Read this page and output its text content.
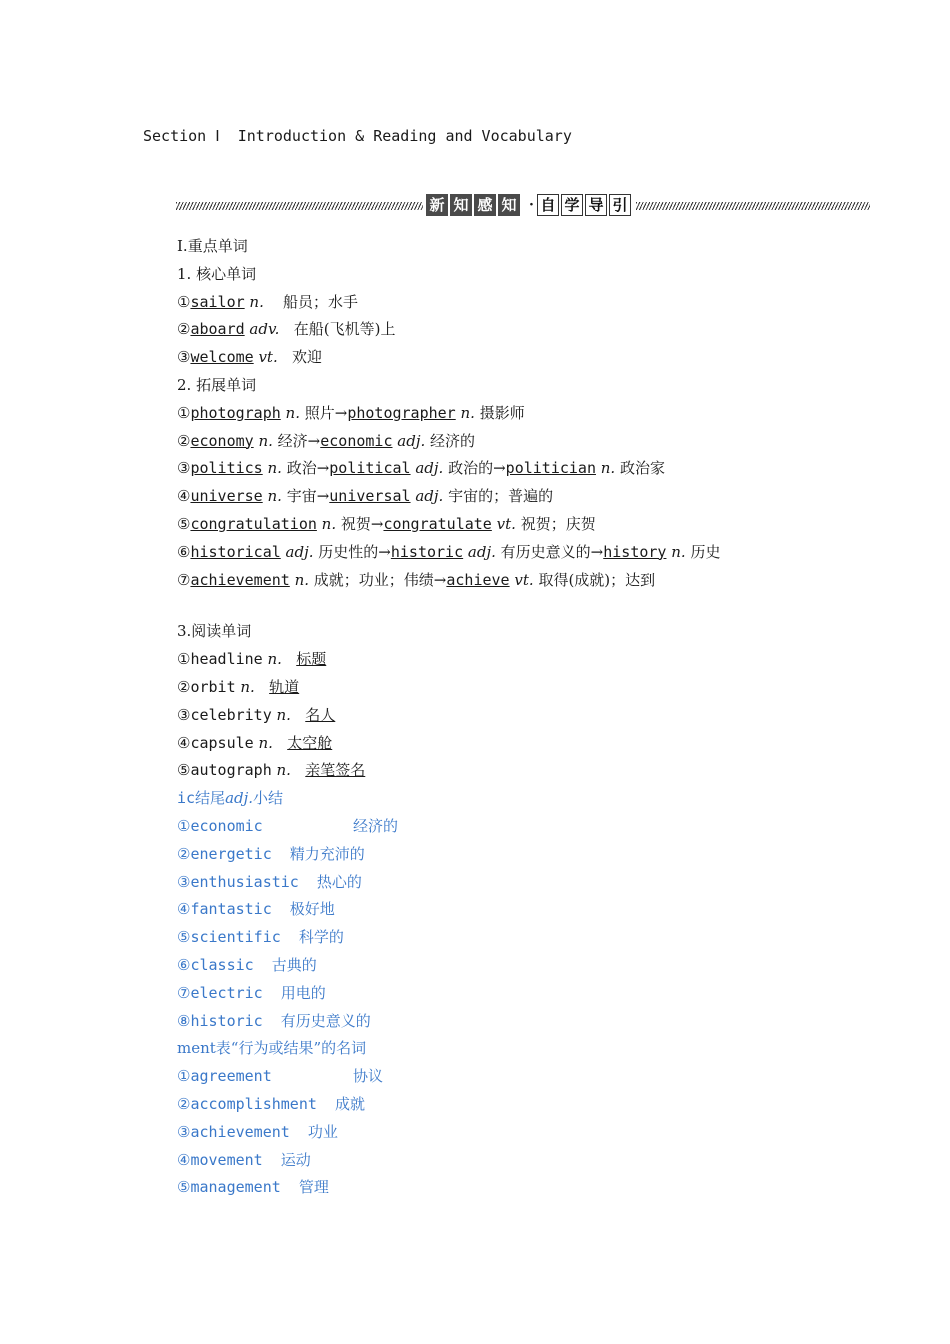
Section Ⅰ  Introduction & Reading and Vocabulary
新 知 感 知 · 自 学 导 引
Ⅰ.重点单词
1. 核心单词
①sailor n. 船员；水手
②aboard adv. 在船(飞机等)上
③welcome vt. 欢迎
2. 拓展单词
①photograph n. 照片→photographer n. 摄影师
②economy n. 经济→economic adj. 经济的
③politics n. 政治→political adj. 政治的→politician n. 政治家
④universe n. 宇宙→universal adj. 宇宙的；普遍的
⑤congratulation n. 祝贺→congratulate vt. 祝贺；庆贺
⑥historical adj. 历史性的→historic adj. 有历史意义的→history n. 历史
⑦achievement n. 成就；功业；伟绩→achieve vt. 取得(成就)；达到
3.阅读单词
①headline n. 标题
②orbit n. 轨道
③celebrity n. 名人
④capsule n. 太空舱
⑤autograph n. 亲笔签名
ic结尾adj.小结
①economic          经济的
②energetic  精力充沛的
③enthusiastic  热心的
④fantastic  极好地
⑤scientific  科学的
⑥classic  古典的
⑦electric  用电的
⑧historic  有历史意义的
ment表“行为或结果”的名词
①agreement         协议
②accomplishment  成就
③achievement  功业
④movement  运动
⑤management  管理
